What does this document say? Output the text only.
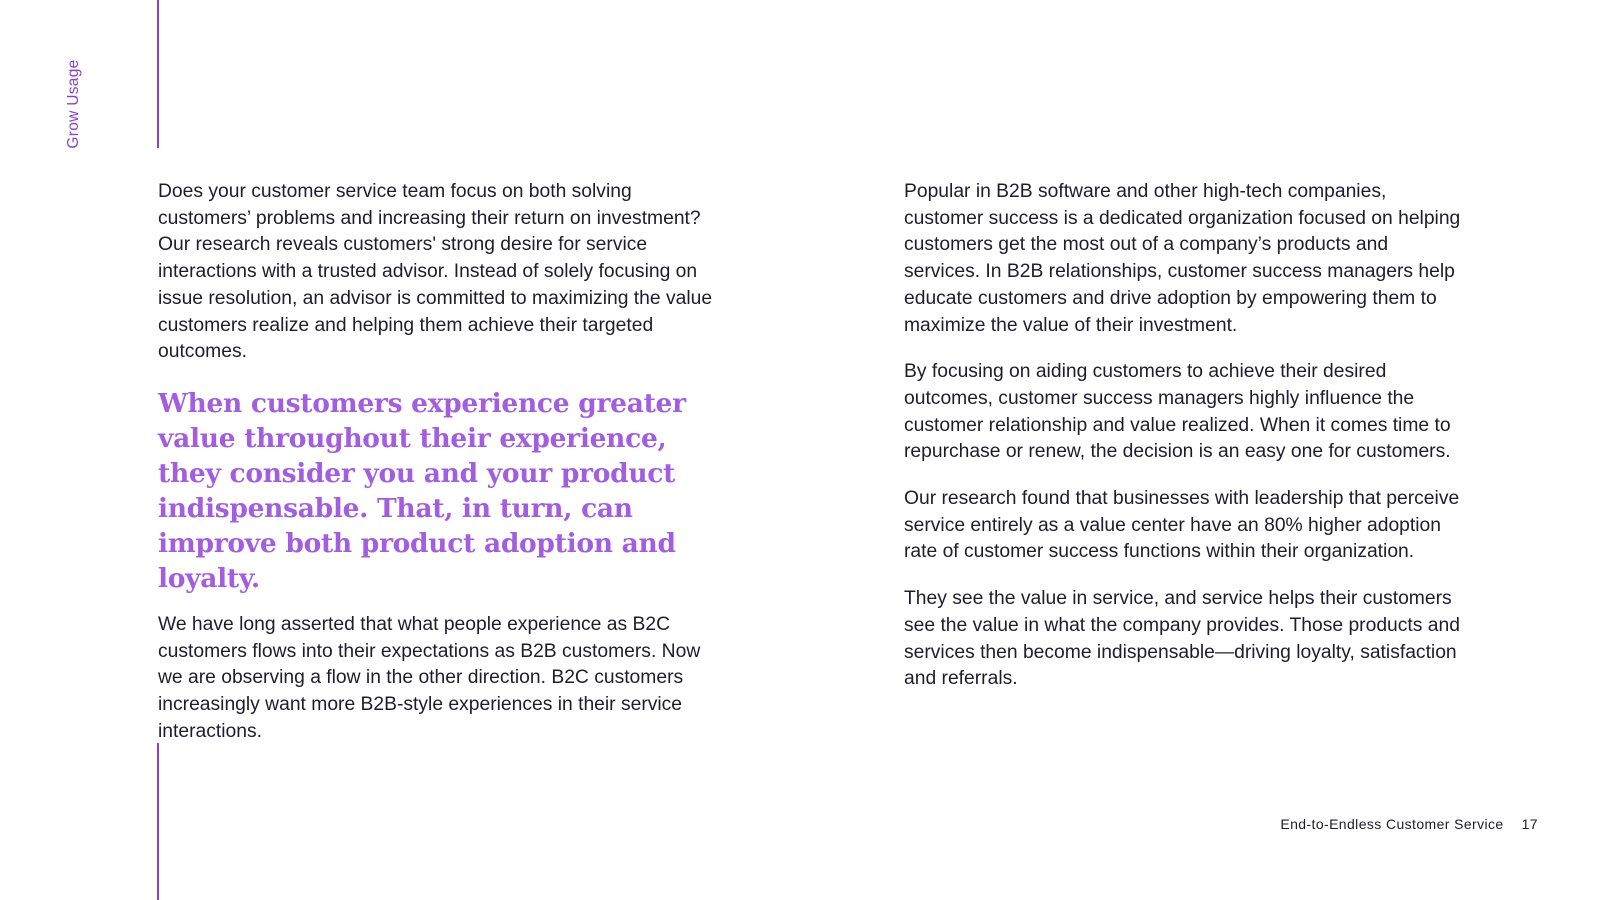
Grow Usage

Does your customer service team focus on both solving customers’ problems and increasing their return on investment? Our research reveals customers' strong desire for service interactions with a trusted advisor. Instead of solely focusing on issue resolution, an advisor is committed to maximizing the value customers realize and helping them achieve their targeted outcomes.

When customers experience greater value throughout their experience, they consider you and your product indispensable. That, in turn, can improve both product adoption and loyalty.

We have long asserted that what people experience as B2C customers flows into their expectations as B2B customers. Now we are observing a flow in the other direction. B2C customers increasingly want more B2B-style experiences in their service interactions.

Popular in B2B software and other high-tech companies, customer success is a dedicated organization focused on helping customers get the most out of a company’s products and services. In B2B relationships, customer success managers help educate customers and drive adoption by empowering them to maximize the value of their investment.

By focusing on aiding customers to achieve their desired outcomes, customer success managers highly influence the customer relationship and value realized. When it comes time to repurchase or renew, the decision is an easy one for customers.

Our research found that businesses with leadership that perceive service entirely as a value center have an 80% higher adoption rate of customer success functions within their organization.

They see the value in service, and service helps their customers see the value in what the company provides. Those products and services then become indispensable—driving loyalty, satisfaction and referrals.

End-to-Endless Customer Service 17
